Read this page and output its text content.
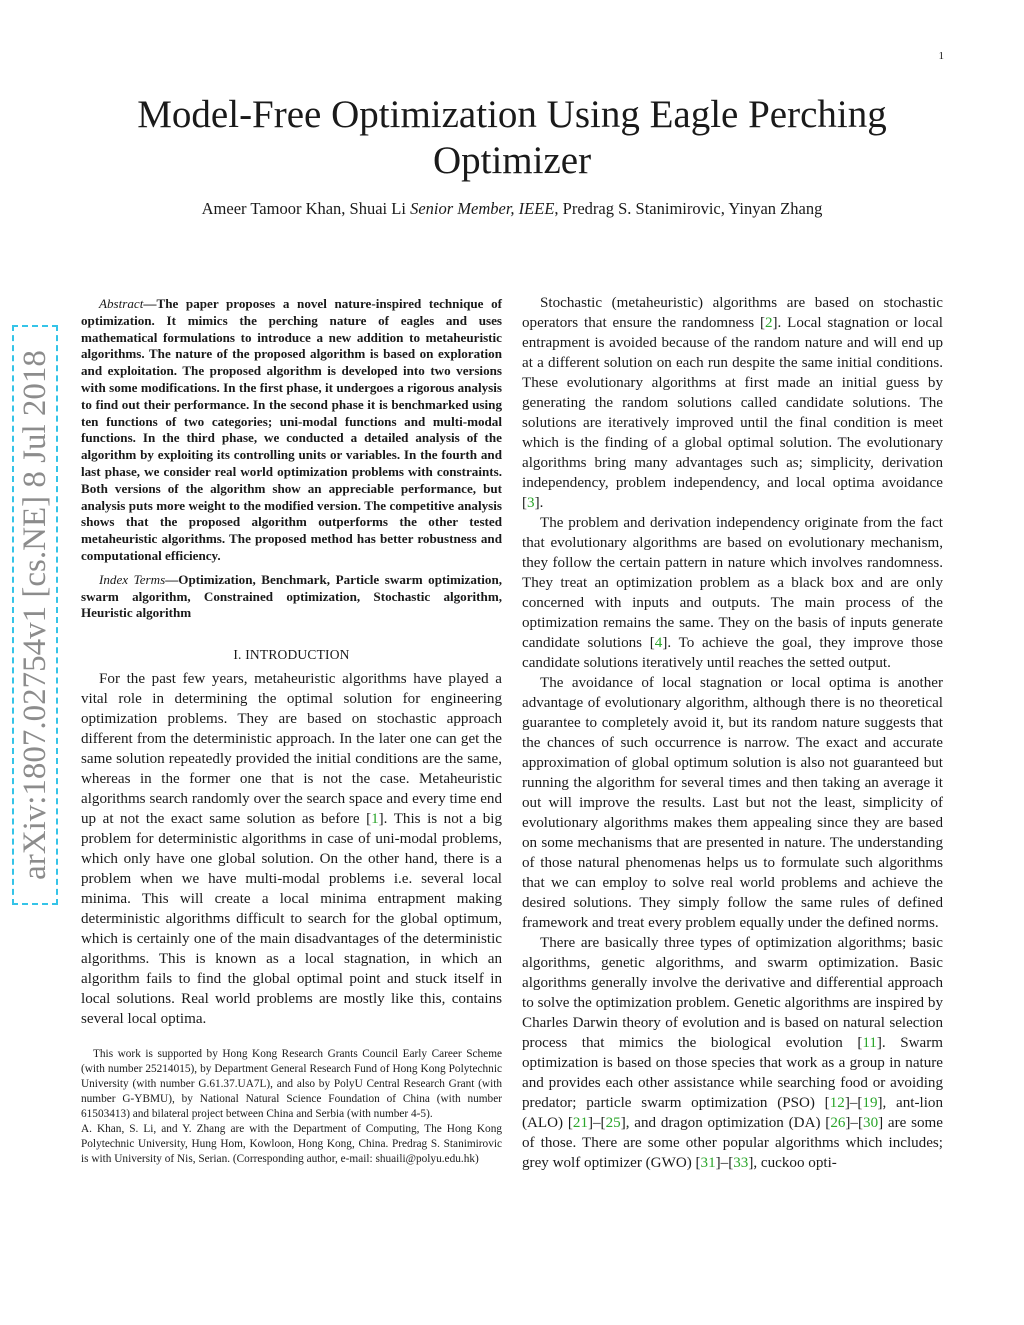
1
arXiv:1807.02754v1 [cs.NE] 8 Jul 2018
Model-Free Optimization Using Eagle Perching Optimizer
Ameer Tamoor Khan, Shuai Li Senior Member, IEEE, Predrag S. Stanimirovic, Yinyan Zhang

Abstract—The paper proposes a novel nature-inspired technique of optimization. It mimics the perching nature of eagles and uses mathematical formulations to introduce a new addition to metaheuristic algorithms. The nature of the proposed algorithm is based on exploration and exploitation. The proposed algorithm is developed into two versions with some modifications. In the first phase, it undergoes a rigorous analysis to find out their performance. In the second phase it is benchmarked using ten functions of two categories; uni-modal functions and multi-modal functions. In the third phase, we conducted a detailed analysis of the algorithm by exploiting its controlling units or variables. In the fourth and last phase, we consider real world optimization problems with constraints. Both versions of the algorithm show an appreciable performance, but analysis puts more weight to the modified version. The competitive analysis shows that the proposed algorithm outperforms the other tested metaheuristic algorithms. The proposed method has better robustness and computational efficiency.

Index Terms—Optimization, Benchmark, Particle swarm optimization, swarm algorithm, Constrained optimization, Stochastic algorithm, Heuristic algorithm

I. INTRODUCTION

For the past few years, metaheuristic algorithms have played a vital role in determining the optimal solution for engineering optimization problems. They are based on stochastic approach different from the deterministic approach. In the later one can get the same solution repeatedly provided the initial conditions are the same, whereas in the former one that is not the case. Metaheuristic algorithms search randomly over the search space and every time end up at not the exact same solution as before [1]. This is not a big problem for deterministic algorithms in case of uni-modal problems, which only have one global solution. On the other hand, there is a problem when we have multi-modal problems i.e. several local minima. This will create a local minima entrapment making deterministic algorithms difficult to search for the global optimum, which is certainly one of the main disadvantages of the deterministic algorithms. This is known as a local stagnation, in which an algorithm fails to find the global optimal point and stuck itself in local solutions. Real world problems are mostly like this, contains several local optima.

This work is supported by Hong Kong Research Grants Council Early Career Scheme (with number 25214015), by Department General Research Fund of Hong Kong Polytechnic University (with number G.61.37.UA7L), and also by PolyU Central Research Grant (with number G-YBMU), by National Natural Science Foundation of China (with number 61503413) and bilateral project between China and Serbia (with number 4-5).

A. Khan, S. Li, and Y. Zhang are with the Department of Computing, The Hong Kong Polytechnic University, Hung Hom, Kowloon, Hong Kong, China. Predrag S. Stanimirovic is with University of Nis, Serian. (Corresponding author, e-mail: shuaili@polyu.edu.hk)

Stochastic (metaheuristic) algorithms are based on stochastic operators that ensure the randomness [2]. Local stagnation or local entrapment is avoided because of the random nature and will end up at a different solution on each run despite the same initial conditions. These evolutionary algorithms at first made an initial guess by generating the random solutions called candidate solutions. The solutions are iteratively improved until the final condition is meet which is the finding of a global optimal solution. The evolutionary algorithms bring many advantages such as; simplicity, derivation independency, problem independency, and local optima avoidance [3].

The problem and derivation independency originate from the fact that evolutionary algorithms are based on evolutionary mechanism, they follow the certain pattern in nature which involves randomness. They treat an optimization problem as a black box and are only concerned with inputs and outputs. The main process of the optimization remains the same. They on the basis of inputs generate candidate solutions [4]. To achieve the goal, they improve those candidate solutions iteratively until reaches the setted output.

The avoidance of local stagnation or local optima is another advantage of evolutionary algorithm, although there is no theoretical guarantee to completely avoid it, but its random nature suggests that the chances of such occurrence is narrow. The exact and accurate approximation of global optimum solution is also not guaranteed but running the algorithm for several times and then taking an average it out will improve the results. Last but not the least, simplicity of evolutionary algorithms makes them appealing since they are based on some mechanisms that are presented in nature. The understanding of those natural phenomenas helps us to formulate such algorithms that we can employ to solve real world problems and achieve the desired solutions. They simply follow the same rules of defined framework and treat every problem equally under the defined norms.

There are basically three types of optimization algorithms; basic algorithms, genetic algorithms, and swarm optimization. Basic algorithms generally involve the derivative and differential approach to solve the optimization problem. Genetic algorithms are inspired by Charles Darwin theory of evolution and is based on natural selection process that mimics the biological evolution [11]. Swarm optimization is based on those species that work as a group in nature and provides each other assistance while searching food or avoiding predator; particle swarm optimization (PSO) [12]–[19], ant-lion (ALO) [21]–[25], and dragon optimization (DA) [26]–[30] are some of those. There are some other popular algorithms which includes; grey wolf optimizer (GWO) [31]–[33], cuckoo opti-
